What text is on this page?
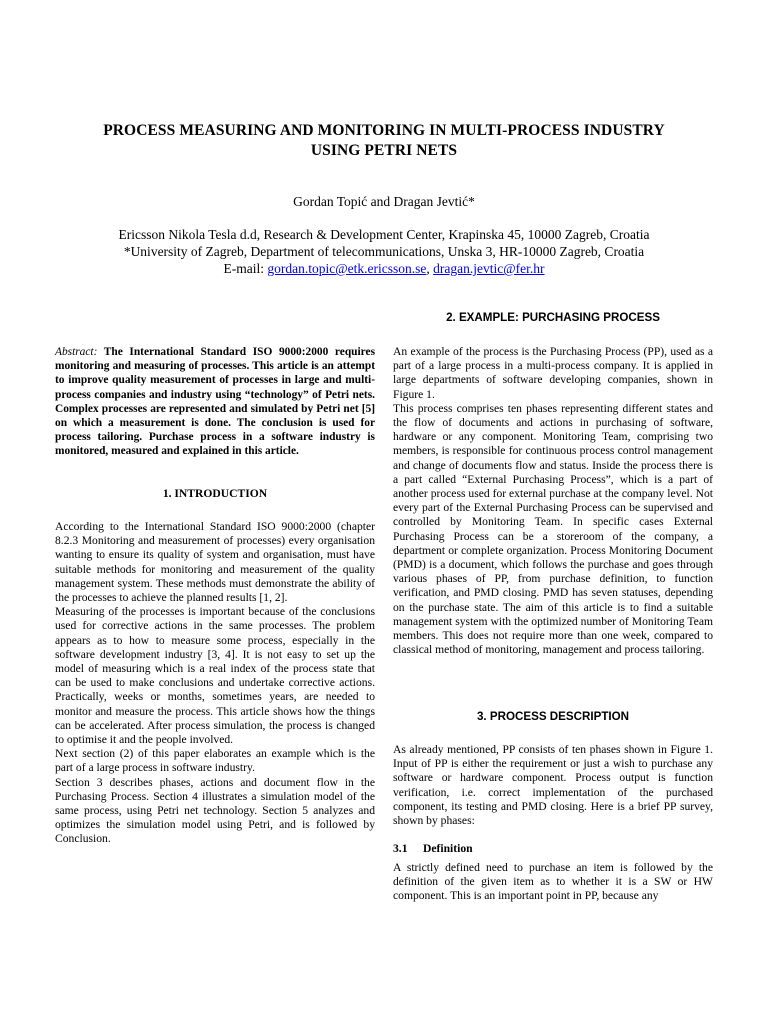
PROCESS MEASURING AND MONITORING IN MULTI-PROCESS INDUSTRY
USING PETRI NETS
Gordan Topić and Dragan Jevtić*
Ericsson Nikola Tesla d.d, Research & Development Center, Krapinska 45, 10000 Zagreb, Croatia
*University of Zagreb, Department of telecommunications, Unska 3, HR-10000 Zagreb, Croatia
E-mail: gordan.topic@etk.ericsson.se, dragan.jevtic@fer.hr
Abstract: The International Standard ISO 9000:2000 requires monitoring and measuring of processes. This article is an attempt to improve quality measurement of processes in large and multi-process companies and industry using “technology” of Petri nets. Complex processes are represented and simulated by Petri net [5] on which a measurement is done. The conclusion is used for process tailoring. Purchase process in a software industry is monitored, measured and explained in this article.
1. INTRODUCTION

According to the International Standard ISO 9000:2000 (chapter 8.2.3 Monitoring and measurement of processes) every organisation wanting to ensure its quality of system and organisation, must have suitable methods for monitoring and measurement of the quality management system. These methods must demonstrate the ability of the processes to achieve the planned results [1, 2].

Measuring of the processes is important because of the conclusions used for corrective actions in the same processes. The problem appears as to how to measure some process, especially in the software development industry [3, 4]. It is not easy to set up the model of measuring which is a real index of the process state that can be used to make conclusions and undertake corrective actions. Practically, weeks or months, sometimes years, are needed to monitor and measure the process. This article shows how the things can be accelerated. After process simulation, the process is changed to optimise it and the people involved.

Next section (2) of this paper elaborates an example which is the part of a large process in software industry.

Section 3 describes phases, actions and document flow in the Purchasing Process. Section 4 illustrates a simulation model of the same process, using Petri net technology. Section 5 analyzes and optimizes the simulation model using Petri, and is followed by Conclusion.

2. EXAMPLE: PURCHASING PROCESS

An example of the process is the Purchasing Process (PP), used as a part of a large process in a multi-process company. It is applied in large departments of software developing companies, shown in Figure 1.

This process comprises ten phases representing different states and the flow of documents and actions in purchasing of software, hardware or any component. Monitoring Team, comprising two members, is responsible for continuous process control management and change of documents flow and status. Inside the process there is a part called “External Purchasing Process”, which is a part of another process used for external purchase at the company level. Not every part of the External Purchasing Process can be supervised and controlled by Monitoring Team. In specific cases External Purchasing Process can be a storeroom of the company, a department or complete organization. Process Monitoring Document (PMD) is a document, which follows the purchase and goes through various phases of PP, from purchase definition, to function verification, and PMD closing. PMD has seven statuses, depending on the purchase state. The aim of this article is to find a suitable management system with the optimized number of Monitoring Team members. This does not require more than one week, compared to classical method of monitoring, management and process tailoring.

3. PROCESS DESCRIPTION

As already mentioned, PP consists of ten phases shown in Figure 1. Input of PP is either the requirement or just a wish to purchase any software or hardware component. Process output is function verification, i.e. correct implementation of the purchased component, its testing and PMD closing. Here is a brief PP survey, shown by phases:

3.1 Definition

A strictly defined need to purchase an item is followed by the definition of the given item as to whether it is a SW or HW component. This is an important point in PP, because any
